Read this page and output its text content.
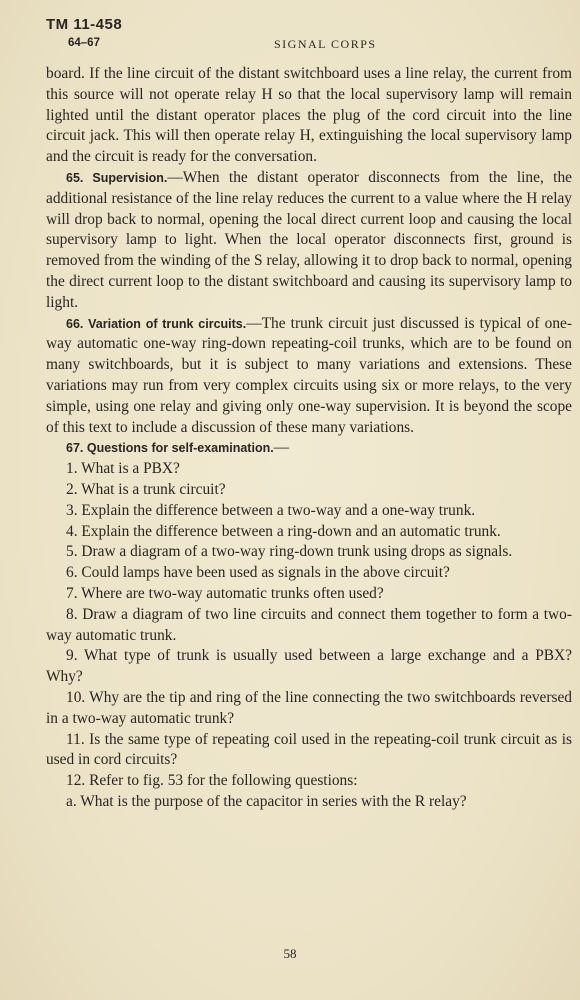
TM 11-458
64–67	SIGNAL CORPS

board. If the line circuit of the distant switchboard uses a line relay, the current from this source will not operate relay H so that the local supervisory lamp will remain lighted until the distant operator places the plug of the cord circuit into the line circuit jack. This will then operate relay H, extinguishing the local supervisory lamp and the circuit is ready for the conversation.

65. Supervision.—When the distant operator disconnects from the line, the additional resistance of the line relay reduces the current to a value where the H relay will drop back to normal, opening the local direct current loop and causing the local supervisory lamp to light. When the local operator disconnects first, ground is removed from the winding of the S relay, allowing it to drop back to normal, opening the direct current loop to the distant switchboard and causing its supervisory lamp to light.

66. Variation of trunk circuits.—The trunk circuit just discussed is typical of one-way automatic one-way ring-down repeating-coil trunks, which are to be found on many switchboards, but it is subject to many variations and extensions. These variations may run from very complex circuits using six or more relays, to the very simple, using one relay and giving only one-way supervision. It is beyond the scope of this text to include a discussion of these many variations.

67. Questions for self-examination.—

1. What is a PBX?

2. What is a trunk circuit?

3. Explain the difference between a two-way and a one-way trunk.

4. Explain the difference between a ring-down and an automatic trunk.

5. Draw a diagram of a two-way ring-down trunk using drops as signals.

6. Could lamps have been used as signals in the above circuit?

7. Where are two-way automatic trunks often used?

8. Draw a diagram of two line circuits and connect them together to form a two-way automatic trunk.

9. What type of trunk is usually used between a large exchange and a PBX? Why?

10. Why are the tip and ring of the line connecting the two switchboards reversed in a two-way automatic trunk?

11. Is the same type of repeating coil used in the repeating-coil trunk circuit as is used in cord circuits?

12. Refer to fig. 53 for the following questions:

a. What is the purpose of the capacitor in series with the R relay?

58
